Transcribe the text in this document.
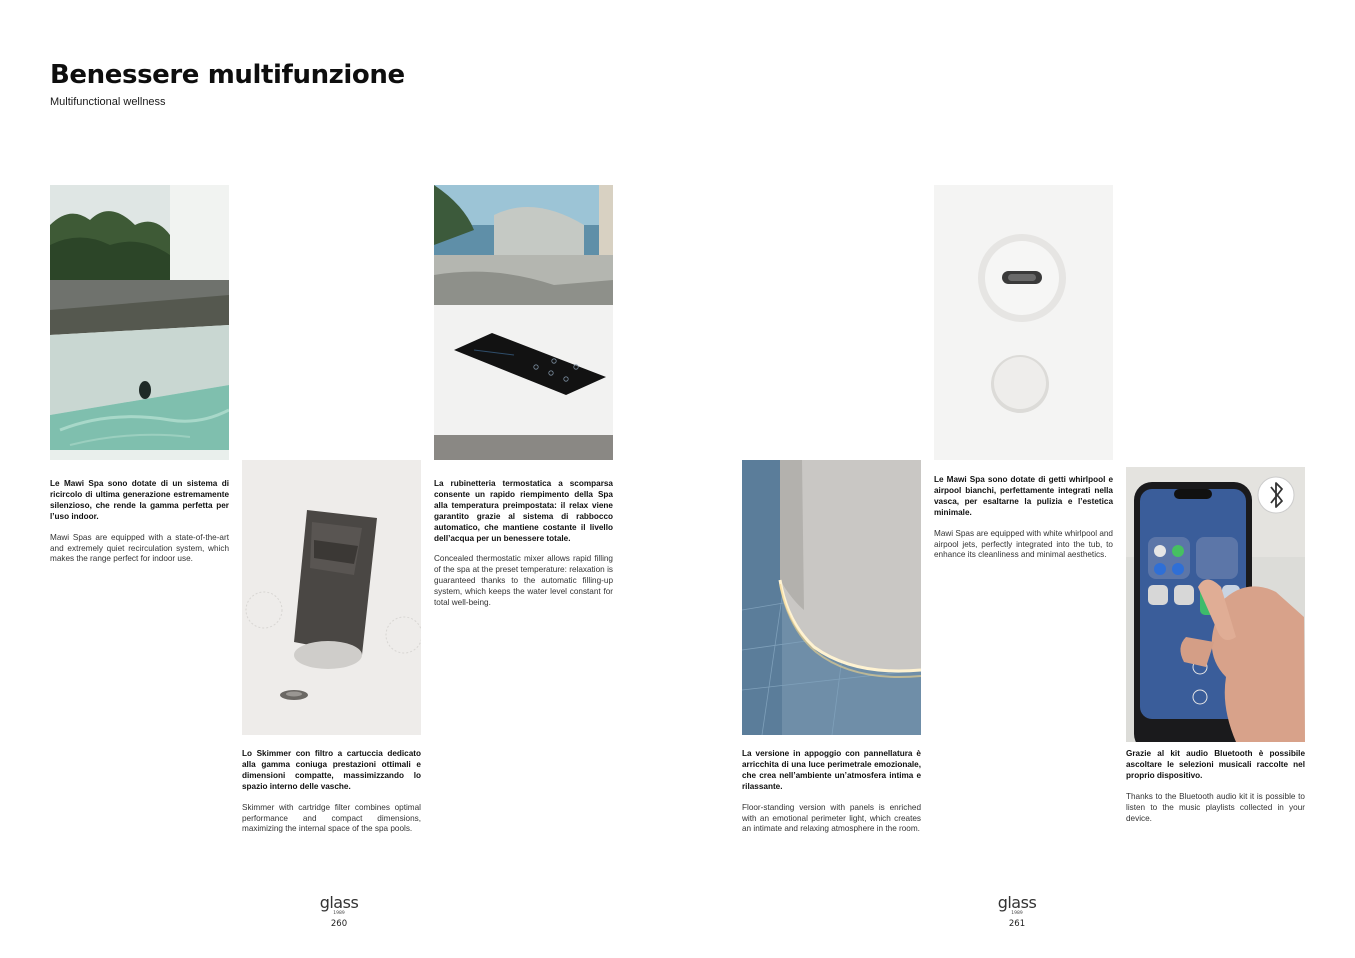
Benessere multifunzione

Multifunctional wellness

Le Mawi Spa sono dotate di un sistema di ricircolo di ultima generazione estremamente silenzioso, che rende la gamma perfetta per l’uso indoor.

Mawi Spas are equipped with a state-of-the-art and extremely quiet recirculation system, which makes the range perfect for indoor use.

Lo Skimmer con filtro a cartuccia dedicato alla gamma coniuga prestazioni ottimali e dimensioni compatte, massimizzando lo spazio interno delle vasche.

Skimmer with cartridge filter combines optimal performance and compact dimensions, maximizing the internal space of the spa pools.

La rubinetteria termostatica a scomparsa consente un rapido riempimento della Spa alla temperatura preimpostata: il relax viene garantito grazie al sistema di rabbocco automatico, che mantiene costante il livello dell’acqua per un benessere totale.

Concealed thermostatic mixer allows rapid filling of the spa at the preset temperature: relaxation is guaranteed thanks to the automatic filling-up system, which keeps the water level constant for total well-being.

La versione in appoggio con pannellatura è arricchita di una luce perimetrale emozionale, che crea nell’ambiente un’atmosfera intima e rilassante.

Floor-standing version with panels is enriched with an emotional perimeter light, which creates an intimate and relaxing atmosphere in the room.

Le Mawi Spa sono dotate di getti whirlpool e airpool bianchi, perfettamente integrati nella vasca, per esaltarne la pulizia e l’estetica minimale.

Mawi Spas are equipped with white whirlpool and airpool jets, perfectly integrated into the tub, to enhance its cleanliness and minimal aesthetics.

Grazie al kit audio Bluetooth è possibile ascoltare le selezioni musicali raccolte nel proprio dispositivo.

Thanks to the Bluetooth audio kit it is possible to listen to the music playlists collected in your device.

glass
1989
260
glass
1989
261
